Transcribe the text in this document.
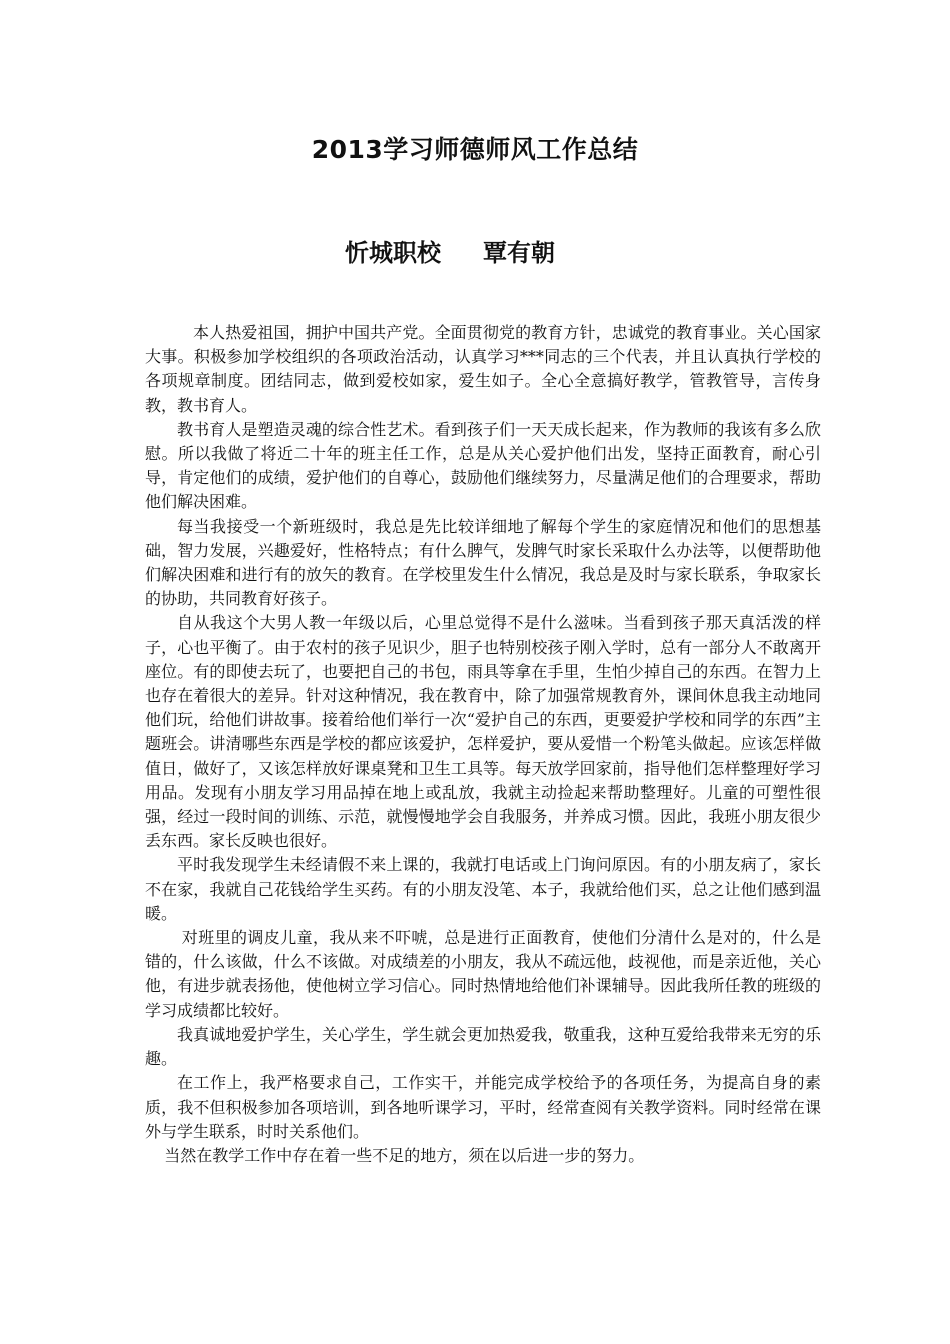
2013学习师德师风工作总结
忻城职校 覃有朝

本人热爱祖国，拥护中国共产党。全面贯彻党的教育方针，忠诚党的教育事业。关心国家大事。积极参加学校组织的各项政治活动，认真学习***同志的三个代表，并且认真执行学校的各项规章制度。团结同志，做到爱校如家，爱生如子。全心全意搞好教学，管教管导，言传身教，教书育人。

教书育人是塑造灵魂的综合性艺术。看到孩子们一天天成长起来，作为教师的我该有多么欣慰。所以我做了将近二十年的班主任工作，总是从关心爱护他们出发，坚持正面教育，耐心引导，肯定他们的成绩，爱护他们的自尊心，鼓励他们继续努力，尽量满足他们的合理要求，帮助他们解决困难。

每当我接受一个新班级时，我总是先比较详细地了解每个学生的家庭情况和他们的思想基础，智力发展，兴趣爱好，性格特点；有什么脾气，发脾气时家长采取什么办法等，以便帮助他们解决困难和进行有的放矢的教育。在学校里发生什么情况，我总是及时与家长联系，争取家长的协助，共同教育好孩子。

自从我这个大男人教一年级以后，心里总觉得不是什么滋味。当看到孩子那天真活泼的样子，心也平衡了。由于农村的孩子见识少，胆子也特别校孩子刚入学时，总有一部分人不敢离开座位。有的即使去玩了，也要把自己的书包，雨具等拿在手里，生怕少掉自己的东西。在智力上也存在着很大的差异。针对这种情况，我在教育中，除了加强常规教育外，课间休息我主动地同他们玩，给他们讲故事。接着给他们举行一次“爱护自己的东西，更要爱护学校和同学的东西”主题班会。讲清哪些东西是学校的都应该爱护，怎样爱护，要从爱惜一个粉笔头做起。应该怎样做值日，做好了，又该怎样放好课桌凳和卫生工具等。每天放学回家前，指导他们怎样整理好学习用品。发现有小朋友学习用品掉在地上或乱放，我就主动捡起来帮助整理好。儿童的可塑性很强，经过一段时间的训练、示范，就慢慢地学会自我服务，并养成习惯。因此，我班小朋友很少丢东西。家长反映也很好。

平时我发现学生未经请假不来上课的，我就打电话或上门询问原因。有的小朋友病了，家长不在家，我就自己花钱给学生买药。有的小朋友没笔、本子，我就给他们买，总之让他们感到温暖。

对班里的调皮儿童，我从来不吓唬，总是进行正面教育，使他们分清什么是对的，什么是错的，什么该做，什么不该做。对成绩差的小朋友，我从不疏远他，歧视他，而是亲近他，关心他，有进步就表扬他，使他树立学习信心。同时热情地给他们补课辅导。因此我所任教的班级的学习成绩都比较好。

我真诚地爱护学生，关心学生，学生就会更加热爱我，敬重我，这种互爱给我带来无穷的乐趣。

在工作上，我严格要求自己，工作实干，并能完成学校给予的各项任务，为提高自身的素质，我不但积极参加各项培训，到各地听课学习，平时，经常查阅有关教学资料。同时经常在课外与学生联系，时时关系他们。

当然在教学工作中存在着一些不足的地方，须在以后进一步的努力。
